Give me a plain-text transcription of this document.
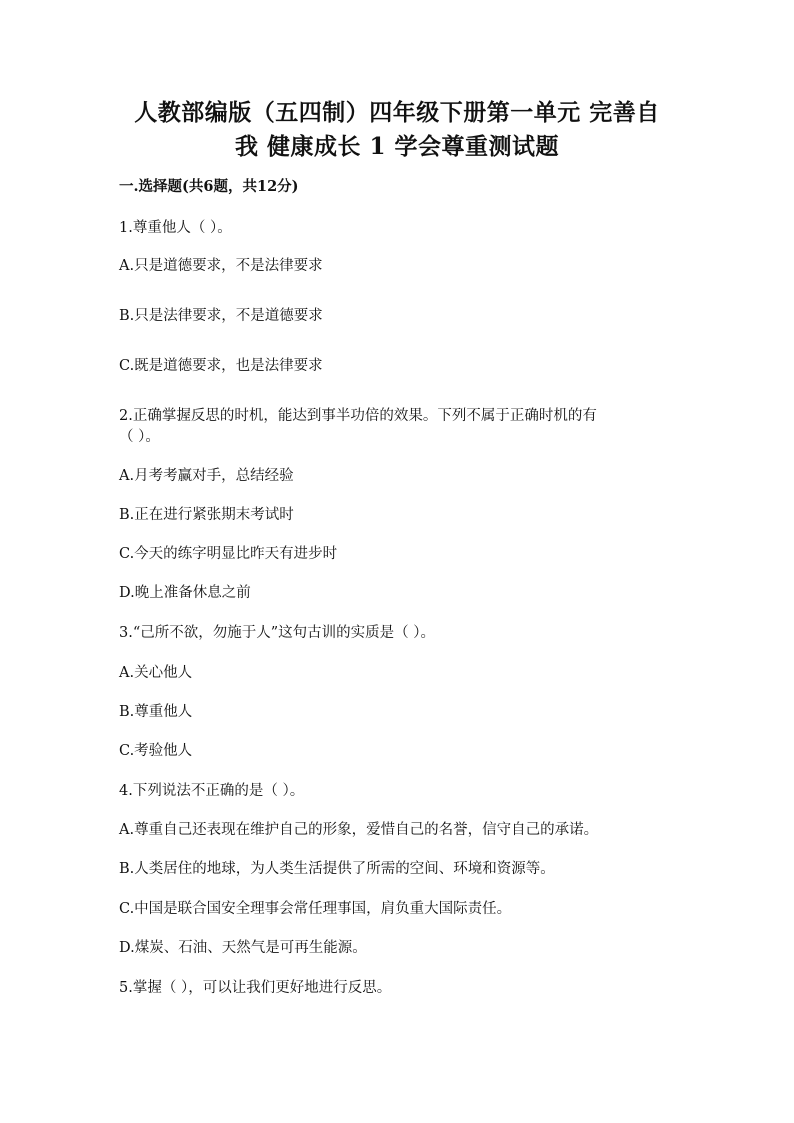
人教部编版（五四制）四年级下册第一单元 完善自
我 健康成长 1 学会尊重测试题
一.选择题(共6题，共12分)
1.尊重他人（ ）。
A.只是道德要求，不是法律要求
B.只是法律要求，不是道德要求
C.既是道德要求，也是法律要求
2.正确掌握反思的时机，能达到事半功倍的效果。下列不属于正确时机的有
（ ）。
A.月考考赢对手，总结经验
B.正在进行紧张期末考试时
C.今天的练字明显比昨天有进步时
D.晚上准备休息之前
3.“己所不欲，勿施于人”这句古训的实质是（ ）。
A.关心他人
B.尊重他人
C.考验他人
4.下列说法不正确的是（ ）。
A.尊重自己还表现在维护自己的形象，爱惜自己的名誉，信守自己的承诺。
B.人类居住的地球，为人类生活提供了所需的空间、环境和资源等。
C.中国是联合国安全理事会常任理事国，肩负重大国际责任。
D.煤炭、石油、天然气是可再生能源。
5.掌握（ ），可以让我们更好地进行反思。
